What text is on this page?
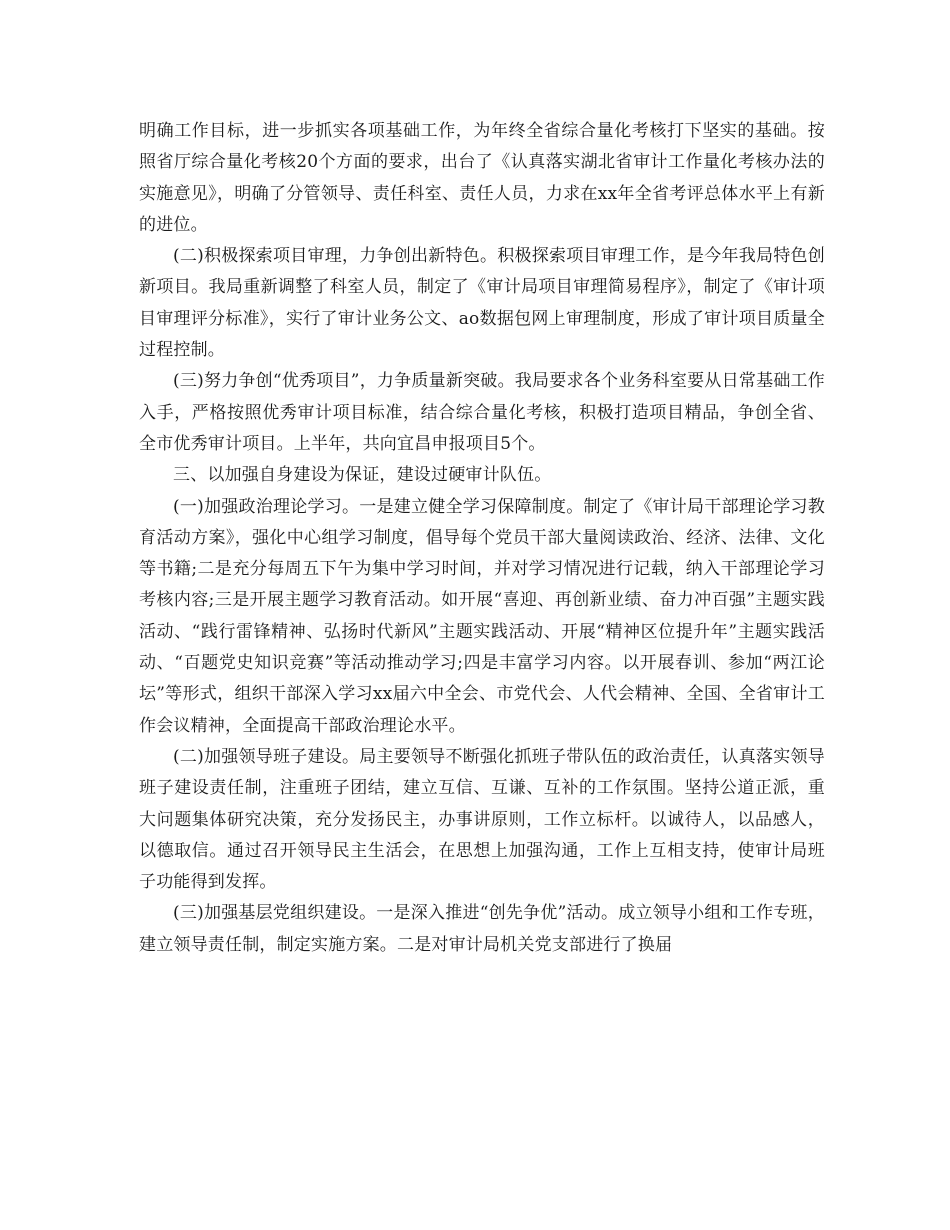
明确工作目标，进一步抓实各项基础工作，为年终全省综合量化考核打下坚实的基础。按照省厅综合量化考核20个方面的要求，出台了《认真落实湖北省审计工作量化考核办法的实施意见》，明确了分管领导、责任科室、责任人员，力求在xx年全省考评总体水平上有新的进位。

(二)积极探索项目审理，力争创出新特色。积极探索项目审理工作，是今年我局特色创新项目。我局重新调整了科室人员，制定了《审计局项目审理简易程序》，制定了《审计项目审理评分标准》，实行了审计业务公文、ao数据包网上审理制度，形成了审计项目质量全过程控制。

(三)努力争创“优秀项目”，力争质量新突破。我局要求各个业务科室要从日常基础工作入手，严格按照优秀审计项目标准，结合综合量化考核，积极打造项目精品，争创全省、全市优秀审计项目。上半年，共向宜昌申报项目5个。

三、以加强自身建设为保证，建设过硬审计队伍。

(一)加强政治理论学习。一是建立健全学习保障制度。制定了《审计局干部理论学习教育活动方案》，强化中心组学习制度，倡导每个党员干部大量阅读政治、经济、法律、文化等书籍;二是充分每周五下午为集中学习时间，并对学习情况进行记载，纳入干部理论学习考核内容;三是开展主题学习教育活动。如开展“喜迎、再创新业绩、奋力冲百强”主题实践活动、“践行雷锋精神、弘扬时代新风”主题实践活动、开展“精神区位提升年”主题实践活动、“百题党史知识竞赛”等活动推动学习;四是丰富学习内容。以开展春训、参加“两江论坛”等形式，组织干部深入学习xx届六中全会、市党代会、人代会精神、全国、全省审计工作会议精神，全面提高干部政治理论水平。

(二)加强领导班子建设。局主要领导不断强化抓班子带队伍的政治责任，认真落实领导班子建设责任制，注重班子团结，建立互信、互谦、互补的工作氛围。坚持公道正派，重大问题集体研究决策，充分发扬民主，办事讲原则，工作立标杆。以诚待人，以品感人，以德取信。通过召开领导民主生活会，在思想上加强沟通，工作上互相支持，使审计局班子功能得到发挥。

(三)加强基层党组织建设。一是深入推进“创先争优”活动。成立领导小组和工作专班，建立领导责任制，制定实施方案。二是对审计局机关党支部进行了换届
